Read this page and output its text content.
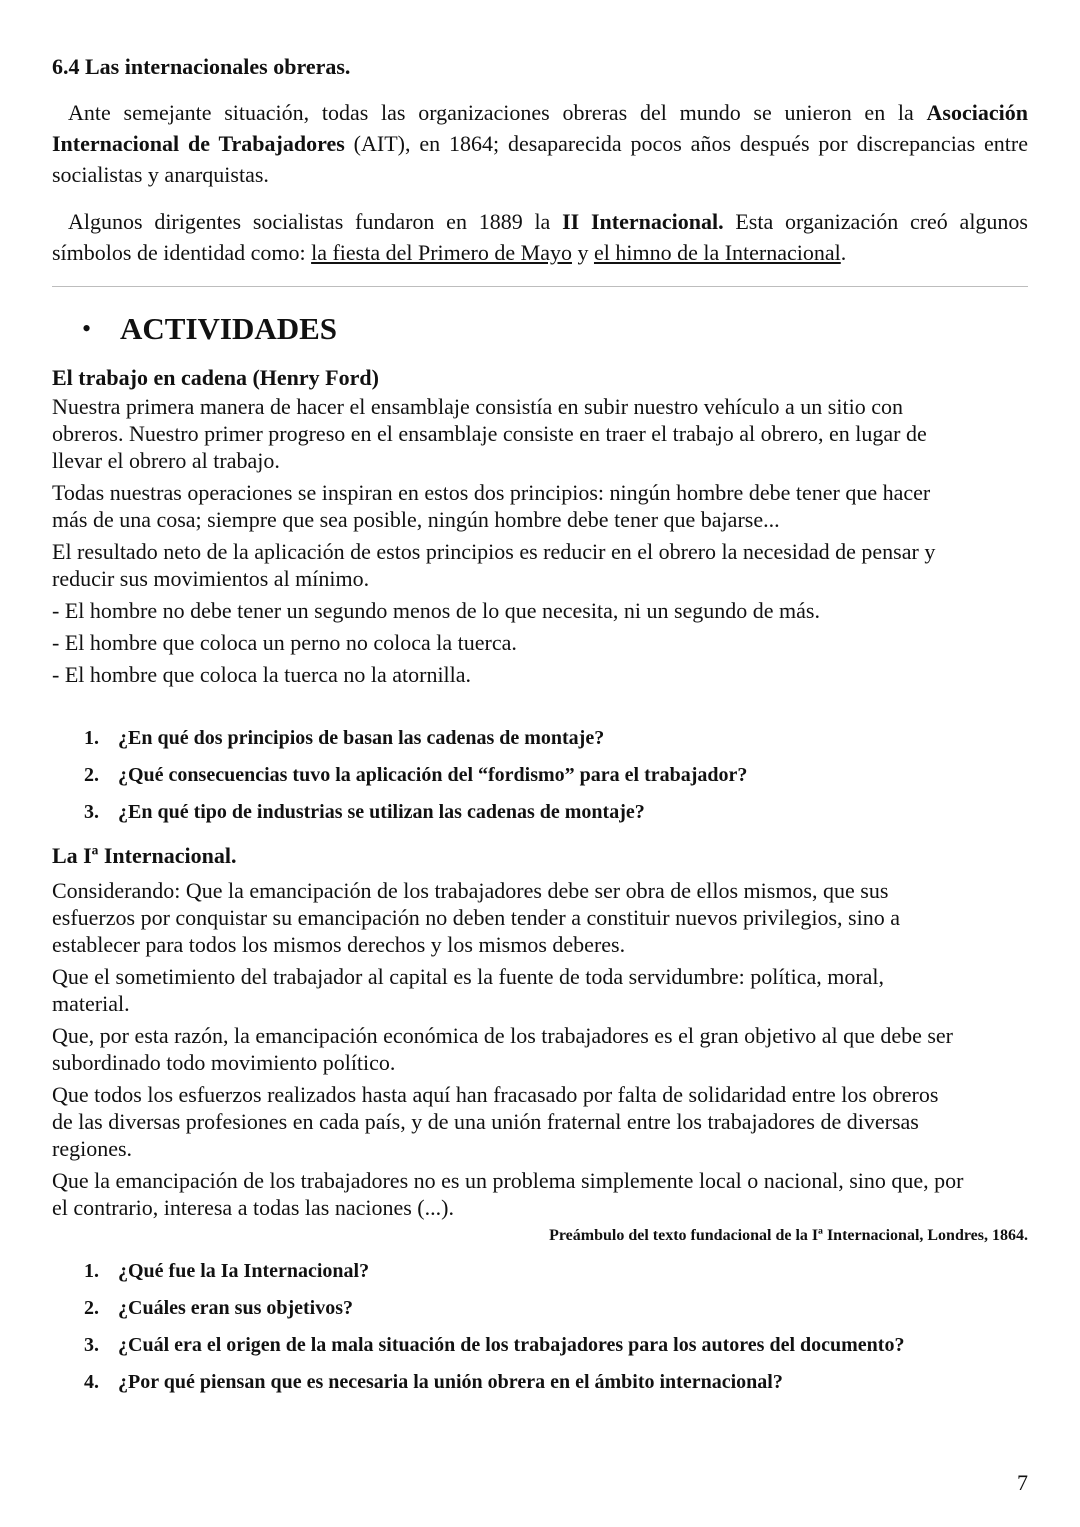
6.4 Las internacionales obreras.

Ante semejante situación, todas las organizaciones obreras del mundo se unieron en la Asociación Internacional de Trabajadores (AIT), en 1864; desaparecida pocos años después por discrepancias entre socialistas y anarquistas.

Algunos dirigentes socialistas fundaron en 1889 la II Internacional. Esta organización creó algunos símbolos de identidad como: la fiesta del Primero de Mayo y el himno de la Internacional.

• ACTIVIDADES
El trabajo en cadena (Henry Ford)
Nuestra primera manera de hacer el ensamblaje consistía en subir nuestro vehículo a un sitio con
obreros. Nuestro primer progreso en el ensamblaje consiste en traer el trabajo al obrero, en lugar de
llevar el obrero al trabajo.
Todas nuestras operaciones se inspiran en estos dos principios: ningún hombre debe tener que hacer
más de una cosa; siempre que sea posible, ningún hombre debe tener que bajarse...
El resultado neto de la aplicación de estos principios es reducir en el obrero la necesidad de pensar y
reducir sus movimientos al mínimo.
- El hombre no debe tener un segundo menos de lo que necesita, ni un segundo de más.
- El hombre que coloca un perno no coloca la tuerca.
- El hombre que coloca la tuerca no la atornilla.
1. ¿En qué dos principios de basan las cadenas de montaje?
2. ¿Qué consecuencias tuvo la aplicación del “fordismo” para el trabajador?
3. ¿En qué tipo de industrias se utilizan las cadenas de montaje?
La Iª Internacional.
Considerando: Que la emancipación de los trabajadores debe ser obra de ellos mismos, que sus
esfuerzos por conquistar su emancipación no deben tender a constituir nuevos privilegios, sino a
establecer para todos los mismos derechos y los mismos deberes.
Que el sometimiento del trabajador al capital es la fuente de toda servidumbre: política, moral,
material.
Que, por esta razón, la emancipación económica de los trabajadores es el gran objetivo al que debe ser
subordinado todo movimiento político.
Que todos los esfuerzos realizados hasta aquí han fracasado por falta de solidaridad entre los obreros
de las diversas profesiones en cada país, y de una unión fraternal entre los trabajadores de diversas
regiones.
Que la emancipación de los trabajadores no es un problema simplemente local o nacional, sino que, por
el contrario, interesa a todas las naciones (...).
Preámbulo del texto fundacional de la Iª Internacional, Londres, 1864.
1. ¿Qué fue la Ia Internacional?
2. ¿Cuáles eran sus objetivos?
3. ¿Cuál era el origen de la mala situación de los trabajadores para los autores del documento?
4. ¿Por qué piensan que es necesaria la unión obrera en el ámbito internacional?
7
